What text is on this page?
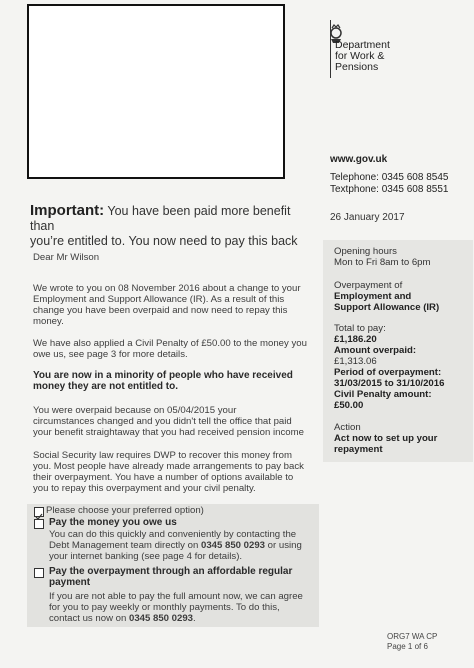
Department
for Work &
Pensions
www.gov.uk
Telephone: 0345 608 8545
Textphone: 0345 608 8551
26 January 2017
Important: You have been paid more benefit than
you’re entitled to. You now need to pay this back
Dear Mr Wilson
We wrote to you on 08 November 2016 about a change to your
Employment and Support Allowance (IR). As a result of this
change you have been overpaid and now need to repay this
money.
We have also applied a Civil Penalty of £50.00 to the money you
owe us, see page 3 for more details.
You are now in a minority of people who have received
money they are not entitled to.
You were overpaid because on 05/04/2015 your
circumstances changed and you didn't tell the office that paid
your benefit straightaway that you had received pension income
Social Security law requires DWP to recover this money from
you. Most people have already made arrangements to pay back
their overpayment. You have a number of options available to
you to repay this overpayment and your civil penalty.
Opening hours
Mon to Fri 8am to 6pm
Overpayment of
Employment and
Support Allowance (IR)
Total to pay:
£1,186.20
Amount overpaid:
£1,313.06
Period of overpayment:
31/03/2015 to 31/10/2016
Civil Penalty amount:
£50.00
Action
Act now to set up your
repayment
Please choose your preferred option)
Pay the money you owe us
You can do this quickly and conveniently by contacting the
Debt Management team directly on 0345 850 0293 or using
your internet banking (see page 4 for details).
Pay the overpayment through an affordable regular
payment
If you are not able to pay the full amount now, we can agree
for you to pay weekly or monthly payments. To do this,
contact us now on 0345 850 0293.
ORG7 WA CP
Page 1 of 6
